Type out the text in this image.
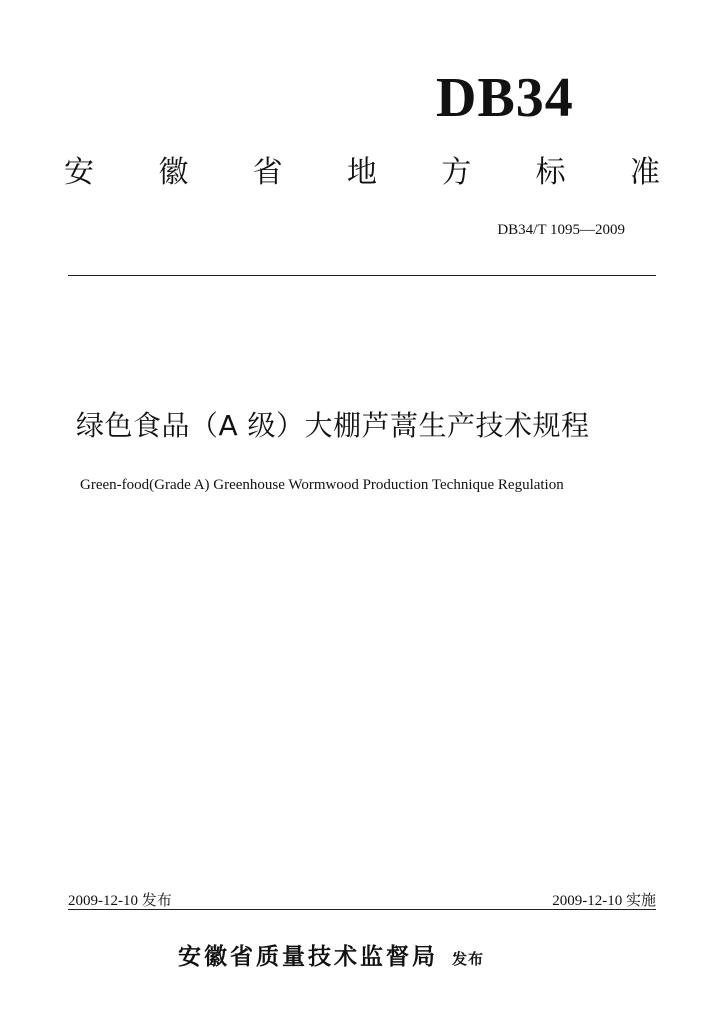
DB34
安 徽 省 地 方 标 准
DB34/T 1095—2009
绿色食品（A 级）大棚芦蒿生产技术规程
Green-food(Grade A) Greenhouse Wormwood Production Technique Regulation
2009-12-10 发布	2009-12-10 实施
安徽省质量技术监督局 发布
